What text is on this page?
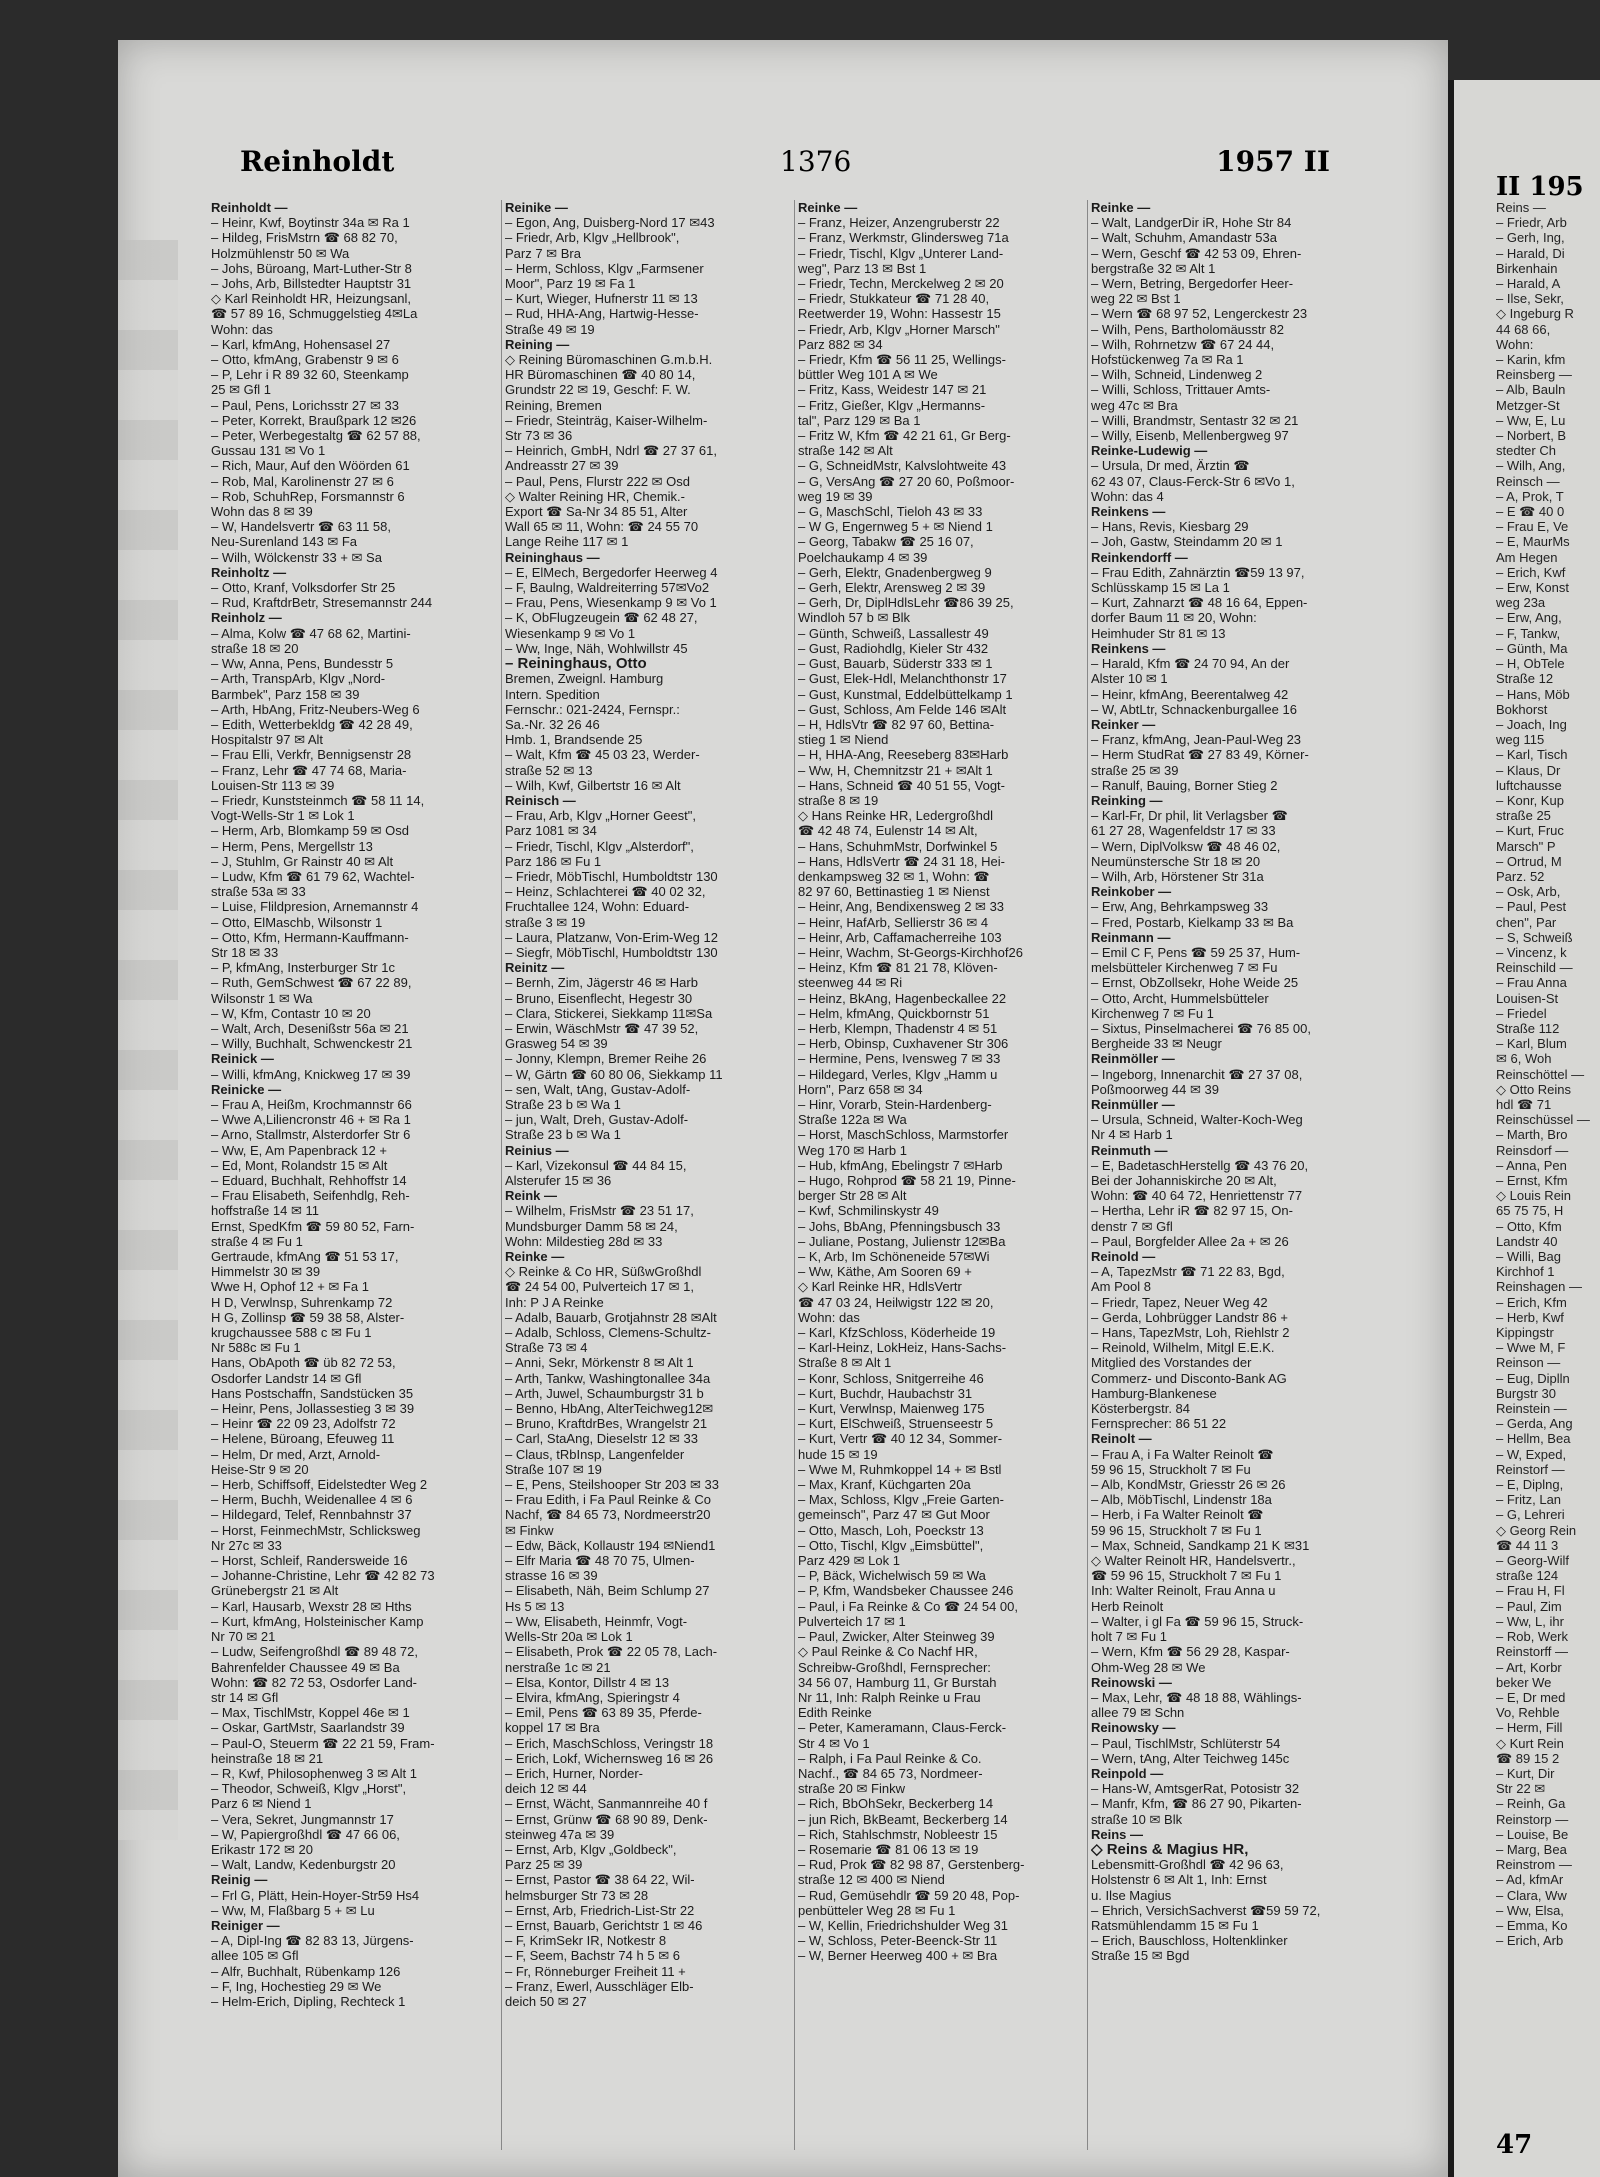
Reinholdt	1376	1957 II
Reinholdt —
– Heinr, Kwf, Boytinstr 34a ✉ Ra 1
– Hildeg, FrisMstrn ☎ 68 82 70,
Holzmühlenstr 50 ✉ Wa
– Johs, Büroang, Mart-Luther-Str 8
– Johs, Arb, Billstedter Hauptstr 31
◇ Karl Reinholdt HR, Heizungsanl,
☎ 57 89 16, Schmuggelstieg 4✉La
Wohn: das
– Karl, kfmAng, Hohensasel 27
– Otto, kfmAng, Grabenstr 9 ✉ 6
– P, Lehr i R 89 32 60, Steenkamp
25 ✉ Gfl 1
– Paul, Pens, Lorichsstr 27 ✉ 33
– Peter, Korrekt, Braußpark 12 ✉26
– Peter, Werbegestaltg ☎ 62 57 88,
Gussau 131 ✉ Vo 1
– Rich, Maur, Auf den Wöörden 61
– Rob, Mal, Karolinenstr 27 ✉ 6
– Rob, SchuhRep, Forsmannstr 6
Wohn das 8 ✉ 39
– W, Handelsvertr ☎ 63 11 58,
Neu-Surenland 143 ✉ Fa
– Wilh, Wölckenstr 33 + ✉ Sa
Reinholtz —
– Otto, Kranf, Volksdorfer Str 25
– Rud, KraftdrBetr, Stresemannstr 244
Reinholz —
– Alma, Kolw ☎ 47 68 62, Martini-
straße 18 ✉ 20
– Ww, Anna, Pens, Bundesstr 5
– Arth, TranspArb, Klgv „Nord-
Barmbek", Parz 158 ✉ 39
– Arth, HbAng, Fritz-Neubers-Weg 6
– Edith, Wetterbekldg ☎ 42 28 49,
Hospitalstr 97 ✉ Alt
– Frau Elli, Verkfr, Bennigsenstr 28
– Franz, Lehr ☎ 47 74 68, Maria-
Louisen-Str 113 ✉ 39
– Friedr, Kunststeinmch ☎ 58 11 14,
Vogt-Wells-Str 1 ✉ Lok 1
– Herm, Arb, Blomkamp 59 ✉ Osd
– Herm, Pens, Mergellstr 13
– J, Stuhlm, Gr Rainstr 40 ✉ Alt
– Ludw, Kfm ☎ 61 79 62, Wachtel-
straße 53a ✉ 33
– Luise, Flildpresion, Arnemannstr 4
– Otto, ElMaschb, Wilsonstr 1
– Otto, Kfm, Hermann-Kauffmann-
Str 18 ✉ 33
– P, kfmAng, Insterburger Str 1c
– Ruth, GemSchwest ☎ 67 22 89,
Wilsonstr 1 ✉ Wa
– W, Kfm, Contastr 10 ✉ 20
– Walt, Arch, Desenißstr 56a ✉ 21
– Willy, Buchhalt, Schwenckestr 21
Reinick —
– Willi, kfmAng, Knickweg 17 ✉ 39
Reinicke —
– Frau A, Heißm, Krochmannstr 66
– Wwe A,Liliencronstr 46 + ✉ Ra 1
– Arno, Stallmstr, Alsterdorfer Str 6
– Ww, E, Am Papenbrack 12 +
– Ed, Mont, Rolandstr 15 ✉ Alt
– Eduard, Buchhalt, Rehhoffstr 14
– Frau Elisabeth, Seifenhdlg, Reh-
hoffstraße 14 ✉ 11
Ernst, SpedKfm ☎ 59 80 52, Farn-
straße 4 ✉ Fu 1
Gertraude, kfmAng ☎ 51 53 17,
Himmelstr 30 ✉ 39
Wwe H, Ophof 12 + ✉ Fa 1
H D, Verwlnsp, Suhrenkamp 72
H G, Zollinsp ☎ 59 38 58, Alster-
krugchaussee 588 c ✉ Fu 1
Nr 588c ✉ Fu 1
Hans, ObApoth ☎ üb 82 72 53,
Osdorfer Landstr 14 ✉ Gfl
Hans Postschaffn, Sandstücken 35
– Heinr, Pens, Jollassestieg 3 ✉ 39
– Heinr ☎ 22 09 23, Adolfstr 72
– Helene, Büroang, Efeuweg 11
– Helm, Dr med, Arzt, Arnold-
Heise-Str 9 ✉ 20
– Herb, Schiffsoff, Eidelstedter Weg 2
– Herm, Buchh, Weidenallee 4 ✉ 6
– Hildegard, Telef, Rennbahnstr 37
– Horst, FeinmechMstr, Schlicksweg
Nr 27c ✉ 33
– Horst, Schleif, Randersweide 16
– Johanne-Christine, Lehr ☎ 42 82 73
Grünebergstr 21 ✉ Alt
– Karl, Hausarb, Wexstr 28 ✉ Hths
– Kurt, kfmAng, Holsteinischer Kamp
Nr 70 ✉ 21
– Ludw, Seifengroßhdl ☎ 89 48 72,
Bahrenfelder Chaussee 49 ✉ Ba
Wohn: ☎ 82 72 53, Osdorfer Land-
str 14 ✉ Gfl
– Max, TischlMstr, Koppel 46e ✉ 1
– Oskar, GartMstr, Saarlandstr 39
– Paul-O, Steuerm ☎ 22 21 59, Fram-
heinstraße 18 ✉ 21
– R, Kwf, Philosophenweg 3 ✉ Alt 1
– Theodor, Schweiß, Klgv „Horst",
Parz 6 ✉ Niend 1
– Vera, Sekret, Jungmannstr 17
– W, Papiergroßhdl ☎ 47 66 06,
Erikastr 172 ✉ 20
– Walt, Landw, Kedenburgstr 20
Reinig —
– Frl G, Plätt, Hein-Hoyer-Str59 Hs4
– Ww, M, Flaßbarg 5 + ✉ Lu
Reiniger —
– A, Dipl-Ing ☎ 82 83 13, Jürgens-
allee 105 ✉ Gfl
– Alfr, Buchhalt, Rübenkamp 126
– F, Ing, Hochestieg 29 ✉ We
– Helm-Erich, Dipling, Rechteck 1
Reinike —
– Egon, Ang, Duisberg-Nord 17 ✉43
– Friedr, Arb, Klgv „Hellbrook",
Parz 7 ✉ Bra
– Herm, Schloss, Klgv „Farmsener
Moor", Parz 19 ✉ Fa 1
– Kurt, Wieger, Hufnerstr 11 ✉ 13
– Rud, HHA-Ang, Hartwig-Hesse-
Straße 49 ✉ 19
Reining —
◇ Reining Büromaschinen G.m.b.H.
HR Büromaschinen ☎ 40 80 14,
Grundstr 22 ✉ 19, Geschf: F. W.
Reining, Bremen
– Friedr, Steinträg, Kaiser-Wilhelm-
Str 73 ✉ 36
– Heinrich, GmbH, Ndrl ☎ 27 37 61,
Andreasstr 27 ✉ 39
– Paul, Pens, Flurstr 222 ✉ Osd
◇ Walter Reining HR, Chemik.-
Export ☎ Sa-Nr 34 85 51, Alter
Wall 65 ✉ 11, Wohn: ☎ 24 55 70
Lange Reihe 117 ✉ 1
Reininghaus —
– E, ElMech, Bergedorfer Heerweg 4
– F, Baulng, Waldreiterring 57✉Vo2
– Frau, Pens, Wiesenkamp 9 ✉ Vo 1
– K, ObFlugzeugein ☎ 62 48 27,
Wiesenkamp 9 ✉ Vo 1
– Ww, Inge, Näh, Wohlwillstr 45
– Reininghaus, Otto
Bremen, Zweignl. Hamburg
Intern. Spedition
Fernschr.: 021-2424, Fernspr.:
Sa.-Nr. 32 26 46
Hmb. 1, Brandsende 25
– Walt, Kfm ☎ 45 03 23, Werder-
straße 52 ✉ 13
– Wilh, Kwf, Gilbertstr 16 ✉ Alt
Reinisch —
– Frau, Arb, Klgv „Horner Geest",
Parz 1081 ✉ 34
– Friedr, Tischl, Klgv „Alsterdorf",
Parz 186 ✉ Fu 1
– Friedr, MöbTischl, Humboldtstr 130
– Heinz, Schlachterei ☎ 40 02 32,
Fruchtallee 124, Wohn: Eduard-
straße 3 ✉ 19
– Laura, Platzanw, Von-Erim-Weg 12
– Siegfr, MöbTischl, Humboldtstr 130
Reinitz —
– Bernh, Zim, Jägerstr 46 ✉ Harb
– Bruno, Eisenflecht, Hegestr 30
– Clara, Stickerei, Siekkamp 11✉Sa
– Erwin, WäschMstr ☎ 47 39 52,
Grasweg 54 ✉ 39
– Jonny, Klempn, Bremer Reihe 26
– W, Gärtn ☎ 60 80 06, Siekkamp 11
– sen, Walt, tAng, Gustav-Adolf-
Straße 23 b ✉ Wa 1
– jun, Walt, Dreh, Gustav-Adolf-
Straße 23 b ✉ Wa 1
Reinius —
– Karl, Vizekonsul ☎ 44 84 15,
Alsterufer 15 ✉ 36
Reink —
– Wilhelm, FrisMstr ☎ 23 51 17,
Mundsburger Damm 58 ✉ 24,
Wohn: Mildestieg 28d ✉ 33
Reinke —
◇ Reinke & Co HR, SüßwGroßhdl
☎ 24 54 00, Pulverteich 17 ✉ 1,
Inh: P J A Reinke
– Adalb, Bauarb, Grotjahnstr 28 ✉Alt
– Adalb, Schloss, Clemens-Schultz-
Straße 73 ✉ 4
– Anni, Sekr, Mörkenstr 8 ✉ Alt 1
– Arth, Tankw, Washingtonallee 34a
– Arth, Juwel, Schaumburgstr 31 b
– Benno, HbAng, AlterTeichweg12✉
– Bruno, KraftdrBes, Wrangelstr 21
– Carl, StaAng, Dieselstr 12 ✉ 33
– Claus, tRbInsp, Langenfelder
Straße 107 ✉ 19
– E, Pens, Steilshooper Str 203 ✉ 33
– Frau Edith, i Fa Paul Reinke & Co
Nachf, ☎ 84 65 73, Nordmeerstr20
✉ Finkw
– Edw, Bäck, Kollaustr 194 ✉Niend1
– Elfr Maria ☎ 48 70 75, Ulmen-
strasse 16 ✉ 39
– Elisabeth, Näh, Beim Schlump 27
Hs 5 ✉ 13
– Ww, Elisabeth, Heinmfr, Vogt-
Wells-Str 20a ✉ Lok 1
– Elisabeth, Prok ☎ 22 05 78, Lach-
nerstraße 1c ✉ 21
– Elsa, Kontor, Dillstr 4 ✉ 13
– Elvira, kfmAng, Spieringstr 4
– Emil, Pens ☎ 63 89 35, Pferde-
koppel 17 ✉ Bra
– Erich, MaschSchloss, Veringstr 18
– Erich, Lokf, Wichernsweg 16 ✉ 26
– Erich, Hurner, Norder-
deich 12 ✉ 44
– Ernst, Wächt, Sanmannreihe 40 f
– Ernst, Grünw ☎ 68 90 89, Denk-
steinweg 47a ✉ 39
– Ernst, Arb, Klgv „Goldbeck",
Parz 25 ✉ 39
– Ernst, Pastor ☎ 38 64 22, Wil-
helmsburger Str 73 ✉ 28
– Ernst, Arb, Friedrich-List-Str 22
– Ernst, Bauarb, Gerichtstr 1 ✉ 46
– F, KrimSekr IR, Notkestr 8
– F, Seem, Bachstr 74 h 5 ✉ 6
– Fr, Rönneburger Freiheit 11 +
– Franz, Ewerl, Ausschläger Elb-
deich 50 ✉ 27
Reinke —
– Franz, Heizer, Anzengruberstr 22
– Franz, Werkmstr, Glindersweg 71a
– Friedr, Tischl, Klgv „Unterer Land-
weg", Parz 13 ✉ Bst 1
– Friedr, Techn, Merckelweg 2 ✉ 20
– Friedr, Stukkateur ☎ 71 28 40,
Reetwerder 19, Wohn: Hassestr 15
– Friedr, Arb, Klgv „Horner Marsch"
Parz 882 ✉ 34
– Friedr, Kfm ☎ 56 11 25, Wellings-
büttler Weg 101 A ✉ We
– Fritz, Kass, Weidestr 147 ✉ 21
– Fritz, Gießer, Klgv „Hermanns-
tal", Parz 129 ✉ Ba 1
– Fritz W, Kfm ☎ 42 21 61, Gr Berg-
straße 142 ✉ Alt
– G, SchneidMstr, Kalvslohtweite 43
– G, VersAng ☎ 27 20 60, Poßmoor-
weg 19 ✉ 39
– G, MaschSchl, Tieloh 43 ✉ 33
– W G, Engernweg 5 + ✉ Niend 1
– Georg, Tabakw ☎ 25 16 07,
Poelchaukamp 4 ✉ 39
– Gerh, Elektr, Gnadenbergweg 9
– Gerh, Elektr, Arensweg 2 ✉ 39
– Gerh, Dr, DiplHdlsLehr ☎86 39 25,
Windloh 57 b ✉ Blk
– Günth, Schweiß, Lassallestr 49
– Gust, Radiohdlg, Kieler Str 432
– Gust, Bauarb, Süderstr 333 ✉ 1
– Gust, Elek-Hdl, Melanchthonstr 17
– Gust, Kunstmal, Eddelbüttelkamp 1
– Gust, Schloss, Am Felde 146 ✉Alt
– H, HdlsVtr ☎ 82 97 60, Bettina-
stieg 1 ✉ Niend
– H, HHA-Ang, Reeseberg 83✉Harb
– Ww, H, Chemnitzstr 21 + ✉Alt 1
– Hans, Schneid ☎ 40 51 55, Vogt-
straße 8 ✉ 19
◇ Hans Reinke HR, Ledergroßhdl
☎ 42 48 74, Eulenstr 14 ✉ Alt,
– Hans, SchuhmMstr, Dorfwinkel 5
– Hans, HdlsVertr ☎ 24 31 18, Hei-
denkampsweg 32 ✉ 1, Wohn: ☎
82 97 60, Bettinastieg 1 ✉ Nienst
– Heinr, Ang, Bendixensweg 2 ✉ 33
– Heinr, HafArb, Sellierstr 36 ✉ 4
– Heinr, Arb, Caffamacherreihe 103
– Heinr, Wachm, St-Georgs-Kirchhof26
– Heinz, Kfm ☎ 81 21 78, Klöven-
steenweg 44 ✉ Ri
– Heinz, BkAng, Hagenbeckallee 22
– Helm, kfmAng, Quickbornstr 51
– Herb, Klempn, Thadenstr 4 ✉ 51
– Herb, Obinsp, Cuxhavener Str 306
– Hermine, Pens, Ivensweg 7 ✉ 33
– Hildegard, Verles, Klgv „Hamm u
Horn", Parz 658 ✉ 34
– Hinr, Vorarb, Stein-Hardenberg-
Straße 122a ✉ Wa
– Horst, MaschSchloss, Marmstorfer
Weg 170 ✉ Harb 1
– Hub, kfmAng, Ebelingstr 7 ✉Harb
– Hugo, Rohprod ☎ 58 21 19, Pinne-
berger Str 28 ✉ Alt
– Kwf, Schmilinskystr 49
– Johs, BbAng, Pfenningsbusch 33
– Juliane, Postang, Julienstr 12✉Ba
– K, Arb, Im Schöneneide 57✉Wi
– Ww, Käthe, Am Sooren 69 +
◇ Karl Reinke HR, HdlsVertr
☎ 47 03 24, Heilwigstr 122 ✉ 20,
Wohn: das
– Karl, KfzSchloss, Köderheide 19
– Karl-Heinz, LokHeiz, Hans-Sachs-
Straße 8 ✉ Alt 1
– Konr, Schloss, Snitgerreihe 46
– Kurt, Buchdr, Haubachstr 31
– Kurt, Verwlnsp, Maienweg 175
– Kurt, ElSchweiß, Struenseestr 5
– Kurt, Vertr ☎ 40 12 34, Sommer-
hude 15 ✉ 19
– Wwe M, Ruhmkoppel 14 + ✉ Bstl
– Max, Kranf, Küchgarten 20a
– Max, Schloss, Klgv „Freie Garten-
gemeinsch", Parz 47 ✉ Gut Moor
– Otto, Masch, Loh, Poeckstr 13
– Otto, Tischl, Klgv „Eimsbüttel",
Parz 429 ✉ Lok 1
– P, Bäck, Wichelwisch 59 ✉ Wa
– P, Kfm, Wandsbeker Chaussee 246
– Paul, i Fa Reinke & Co ☎ 24 54 00,
Pulverteich 17 ✉ 1
– Paul, Zwicker, Alter Steinweg 39
◇ Paul Reinke & Co Nachf HR,
Schreibw-Großhdl, Fernsprecher:
34 56 07, Hamburg 11, Gr Burstah
Nr 11, Inh: Ralph Reinke u Frau
Edith Reinke
– Peter, Kameramann, Claus-Ferck-
Str 4 ✉ Vo 1
– Ralph, i Fa Paul Reinke & Co.
Nachf., ☎ 84 65 73, Nordmeer-
straße 20 ✉ Finkw
– Rich, BbOhSekr, Beckerberg 14
– jun Rich, BkBeamt, Beckerberg 14
– Rich, Stahlschmstr, Nobleestr 15
– Rosemarie ☎ 81 06 13 ✉ 19
– Rud, Prok ☎ 82 98 87, Gerstenberg-
straße 12 ✉ 400 ✉ Niend
– Rud, Gemüsehdlr ☎ 59 20 48, Pop-
penbütteler Weg 28 ✉ Fu 1
– W, Kellin, Friedrichshulder Weg 31
– W, Schloss, Peter-Beenck-Str 11
– W, Berner Heerweg 400 + ✉ Bra
Reinke —
– Walt, LandgerDir iR, Hohe Str 84
– Walt, Schuhm, Amandastr 53a
– Wern, Geschf ☎ 42 53 09, Ehren-
bergstraße 32 ✉ Alt 1
– Wern, Betring, Bergedorfer Heer-
weg 22 ✉ Bst 1
– Wern ☎ 68 97 52, Lengerckestr 23
– Wilh, Pens, Bartholomäusstr 82
– Wilh, Rohrnetzw ☎ 67 24 44,
Hofstückenweg 7a ✉ Ra 1
– Wilh, Schneid, Lindenweg 2
– Willi, Schloss, Trittauer Amts-
weg 47c ✉ Bra
– Willi, Brandmstr, Sentastr 32 ✉ 21
– Willy, Eisenb, Mellenbergweg 97
Reinke-Ludewig —
– Ursula, Dr med, Ärztin ☎
62 43 07, Claus-Ferck-Str 6 ✉Vo 1,
Wohn: das 4
Reinkens —
– Hans, Revis, Kiesbarg 29
– Joh, Gastw, Steindamm 20 ✉ 1
Reinkendorff —
– Frau Edith, Zahnärztin ☎59 13 97,
Schlüsskamp 15 ✉ La 1
– Kurt, Zahnarzt ☎ 48 16 64, Eppen-
dorfer Baum 11 ✉ 20, Wohn:
Heimhuder Str 81 ✉ 13
Reinkens —
– Harald, Kfm ☎ 24 70 94, An der
Alster 10 ✉ 1
– Heinr, kfmAng, Beerentalweg 42
– W, AbtLtr, Schnackenburgallee 16
Reinker —
– Franz, kfmAng, Jean-Paul-Weg 23
– Herm StudRat ☎ 27 83 49, Körner-
straße 25 ✉ 39
– Ranulf, Bauing, Borner Stieg 2
Reinking —
– Karl-Fr, Dr phil, lit Verlagsber ☎
61 27 28, Wagenfeldstr 17 ✉ 33
– Wern, DiplVolksw ☎ 48 46 02,
Neumünstersche Str 18 ✉ 20
– Wilh, Arb, Hörstener Str 31a
Reinkober —
– Erw, Ang, Behrkampsweg 33
– Fred, Postarb, Kielkamp 33 ✉ Ba
Reinmann —
– Emil C F, Pens ☎ 59 25 37, Hum-
melsbütteler Kirchenweg 7 ✉ Fu
– Ernst, ObZollsekr, Hohe Weide 25
– Otto, Archt, Hummelsbütteler
Kirchenweg 7 ✉ Fu 1
– Sixtus, Pinselmacherei ☎ 76 85 00,
Bergheide 33 ✉ Neugr
Reinmöller —
– Ingeborg, Innenarchit ☎ 27 37 08,
Poßmoorweg 44 ✉ 39
Reinmüller —
– Ursula, Schneid, Walter-Koch-Weg
Nr 4 ✉ Harb 1
Reinmuth —
– E, BadetaschHerstellg ☎ 43 76 20,
Bei der Johanniskirche 20 ✉ Alt,
Wohn: ☎ 40 64 72, Henriettenstr 77
– Hertha, Lehr iR ☎ 82 97 15, On-
denstr 7 ✉ Gfl
– Paul, Borgfelder Allee 2a + ✉ 26
Reinold —
– A, TapezMstr ☎ 71 22 83, Bgd,
Am Pool 8
– Friedr, Tapez, Neuer Weg 42
– Gerda, Lohbrügger Landstr 86 +
– Hans, TapezMstr, Loh, Riehlstr 2
– Reinold, Wilhelm, Mitgl E.E.K.
Mitglied des Vorstandes der
Commerz- und Disconto-Bank AG
Hamburg-Blankenese
Kösterbergstr. 84
Fernsprecher: 86 51 22
Reinolt —
– Frau A, i Fa Walter Reinolt ☎
59 96 15, Struckholt 7 ✉ Fu
– Alb, KondMstr, Griesstr 26 ✉ 26
– Alb, MöbTischl, Lindenstr 18a
– Herb, i Fa Walter Reinolt ☎
59 96 15, Struckholt 7 ✉ Fu 1
– Max, Schneid, Sandkamp 21 K ✉31
◇ Walter Reinolt HR, Handelsvertr.,
☎ 59 96 15, Struckholt 7 ✉ Fu 1
Inh: Walter Reinolt, Frau Anna u
Herb Reinolt
– Walter, i gl Fa ☎ 59 96 15, Struck-
holt 7 ✉ Fu 1
– Wern, Kfm ☎ 56 29 28, Kaspar-
Ohm-Weg 28 ✉ We
Reinowski —
– Max, Lehr, ☎ 48 18 88, Wählings-
allee 79 ✉ Schn
Reinowsky —
– Paul, TischlMstr, Schlüterstr 54
– Wern, tAng, Alter Teichweg 145c
Reinpold —
– Hans-W, AmtsgerRat, Potosistr 32
– Manfr, Kfm, ☎ 86 27 90, Pikarten-
straße 10 ✉ Blk
Reins —
◇ Reins & Magius HR,
Lebensmitt-Großhdl ☎ 42 96 63,
Holstenstr 6 ✉ Alt 1, Inh: Ernst
u. Ilse Magius
– Ehrich, VersichSachverst ☎59 59 72,
Ratsmühlendamm 15 ✉ Fu 1
– Erich, Bauschloss, Holtenklinker
Straße 15 ✉ Bgd
II 195
Reins —
– Friedr, Arb
– Gerh, Ing,
– Harald, Di
Birkenhain
– Harald, A
– Ilse, Sekr,
◇ Ingeburg R
44 68 66,
Wohn:
– Karin, kfm
Reinsberg —
– Alb, Bauln
Metzger-St
– Ww, E, Lu
– Norbert, B
stedter Ch
– Wilh, Ang,
Reinsch —
– A, Prok, T
– E ☎ 40 0
– Frau E, Ve
– E, MaurMs
Am Hegen
– Erich, Kwf
– Erw, Konst
weg 23a
– Erw, Ang,
– F, Tankw,
– Günth, Ma
– H, ObTele
Straße 12
– Hans, Möb
Bokhorst
– Joach, Ing
weg 115
– Karl, Tisch
– Klaus, Dr
luftchausse
– Konr, Kup
straße 25
– Kurt, Fruc
Marsch" P
– Ortrud, M
Parz. 52
– Osk, Arb,
– Paul, Pest
chen", Par
– S, Schweiß
– Vincenz, k
Reinschild —
– Frau Anna
Louisen-St
– Friedel
Straße 112
– Karl, Blum
✉ 6, Woh
Reinschöttel —
◇ Otto Reins
hdl ☎ 71
Reinschüssel —
– Marth, Bro
Reinsdorf —
– Anna, Pen
– Ernst, Kfm
◇ Louis Rein
65 75 75, H
– Otto, Kfm
Landstr 40
– Willi, Bag
Kirchhof 1
Reinshagen —
– Erich, Kfm
– Herb, Kwf
Kippingstr
– Wwe M, F
Reinson —
– Eug, Diplln
Burgstr 30
Reinstein —
– Gerda, Ang
– Hellm, Bea
– W, Exped,
Reinstorf —
– E, Diplng,
– Fritz, Lan
– G, Lehreri
◇ Georg Rein
☎ 44 11 3
– Georg-Wilf
straße 124
– Frau H, Fl
– Paul, Zim
– Ww, L, ihr
– Rob, Werk
Reinstorff —
– Art, Korbr
beker We
– E, Dr med
Vo, Rehble
– Herm, Fill
◇ Kurt Rein
☎ 89 15 2
– Kurt, Dir
Str 22 ✉
– Reinh, Ga
Reinstorp —
– Louise, Be
– Marg, Bea
Reinstrom —
– Ad, kfmAr
– Clara, Ww
– Ww, Elsa,
– Emma, Ko
– Erich, Arb
47
